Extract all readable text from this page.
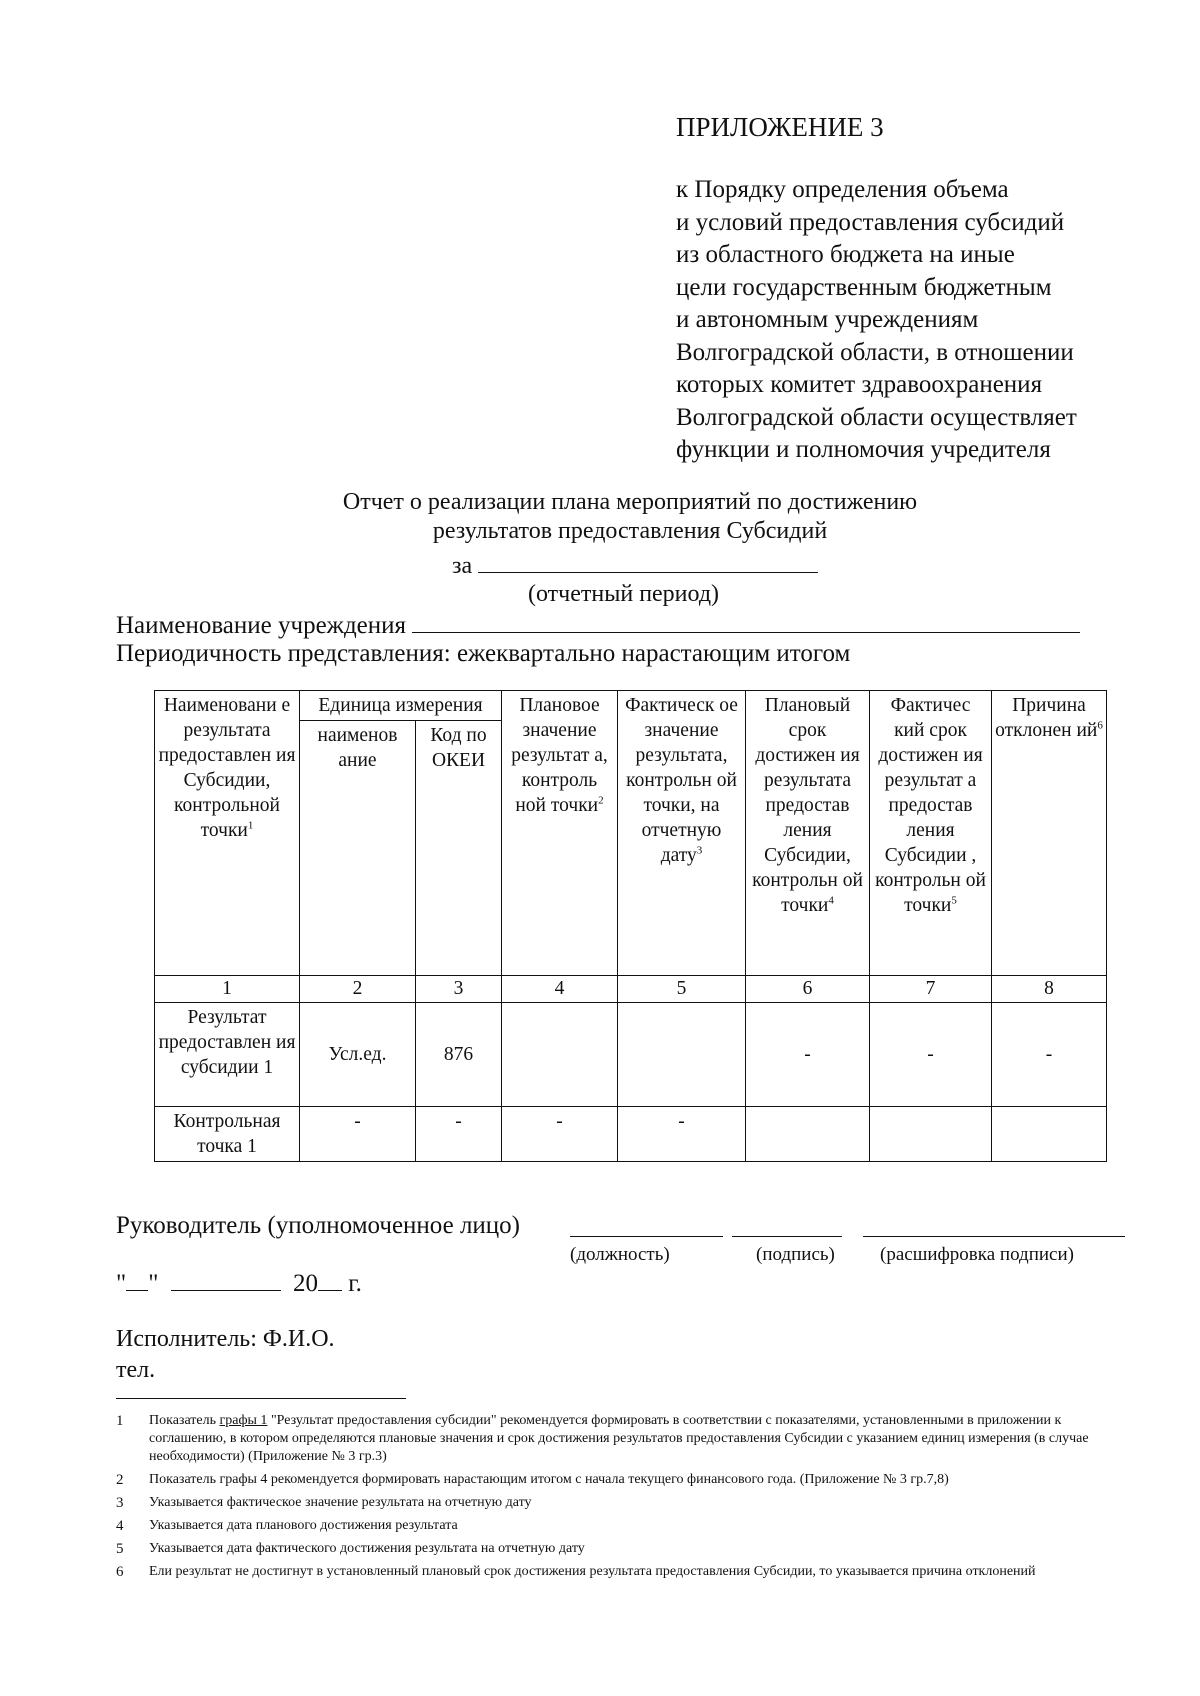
ПРИЛОЖЕНИЕ 3
к Порядку определения объема
и условий предоставления субсидий
из областного бюджета на иные
цели государственным бюджетным
и автономным учреждениям
Волгоградской области, в отношении
которых комитет здравоохранения
Волгоградской области осуществляет
функции и полномочия учредителя
Отчет о реализации плана мероприятий по достижению
результатов предоставления Субсидий
за
(отчетный период)
Наименование учреждения
Периодичность представления: ежеквартально нарастающим итогом
Наименовани е результата предоставлен ия Субсидии, контрольной точки$^1$	Единица измерения		Плановое значение результат а, контроль ной точки$^2$	Фактическ ое значение результата, контрольн ой точки, на отчетную дату$^3$	Плановый срок достижен ия результата предостав ления Субсидии, контрольн ой точки$^4$	Фактичес кий срок достижен ия результат а предостав ления Субсидии , контрольн ой точки$^5$	Причина отклонен $ий^6$
	наименов ание	Код по ОКЕИ					
1	2	3	4	5	6	7	8
Результат предоставлен ия субсидии 1	Усл.ед.	876			-	-	-
Контрольная точка 1	-	-	-	-			
Руководитель (уполномоченное лицо)
(должность)	(подпись) (расшифровка подписи)
" "	20 г.
Исполнитель: Ф.И.О.
тел.
1	Показатель графы 1 "Результат предоставления субсидии" рекомендуется формировать в соответствии с показателями, установленными в приложении к соглашению, в котором определяются плановые значения и срок достижения результатов предоставления Субсидии с указанием единиц измерения (в случае необходимости) (Приложение № 3 гр.3)
2	Показатель графы 4 рекомендуется формировать нарастающим итогом с начала текущего финансового года. (Приложение № 3 гр.7,8)
3	Указывается фактическое значение результата на отчетную дату
4	Указывается дата планового достижения результата
5	Указывается дата фактического достижения результата на отчетную дату
6	Ели результат не достигнут в установленный плановый срок достижения результата предоставления Субсидии, то указывается причина отклонений
